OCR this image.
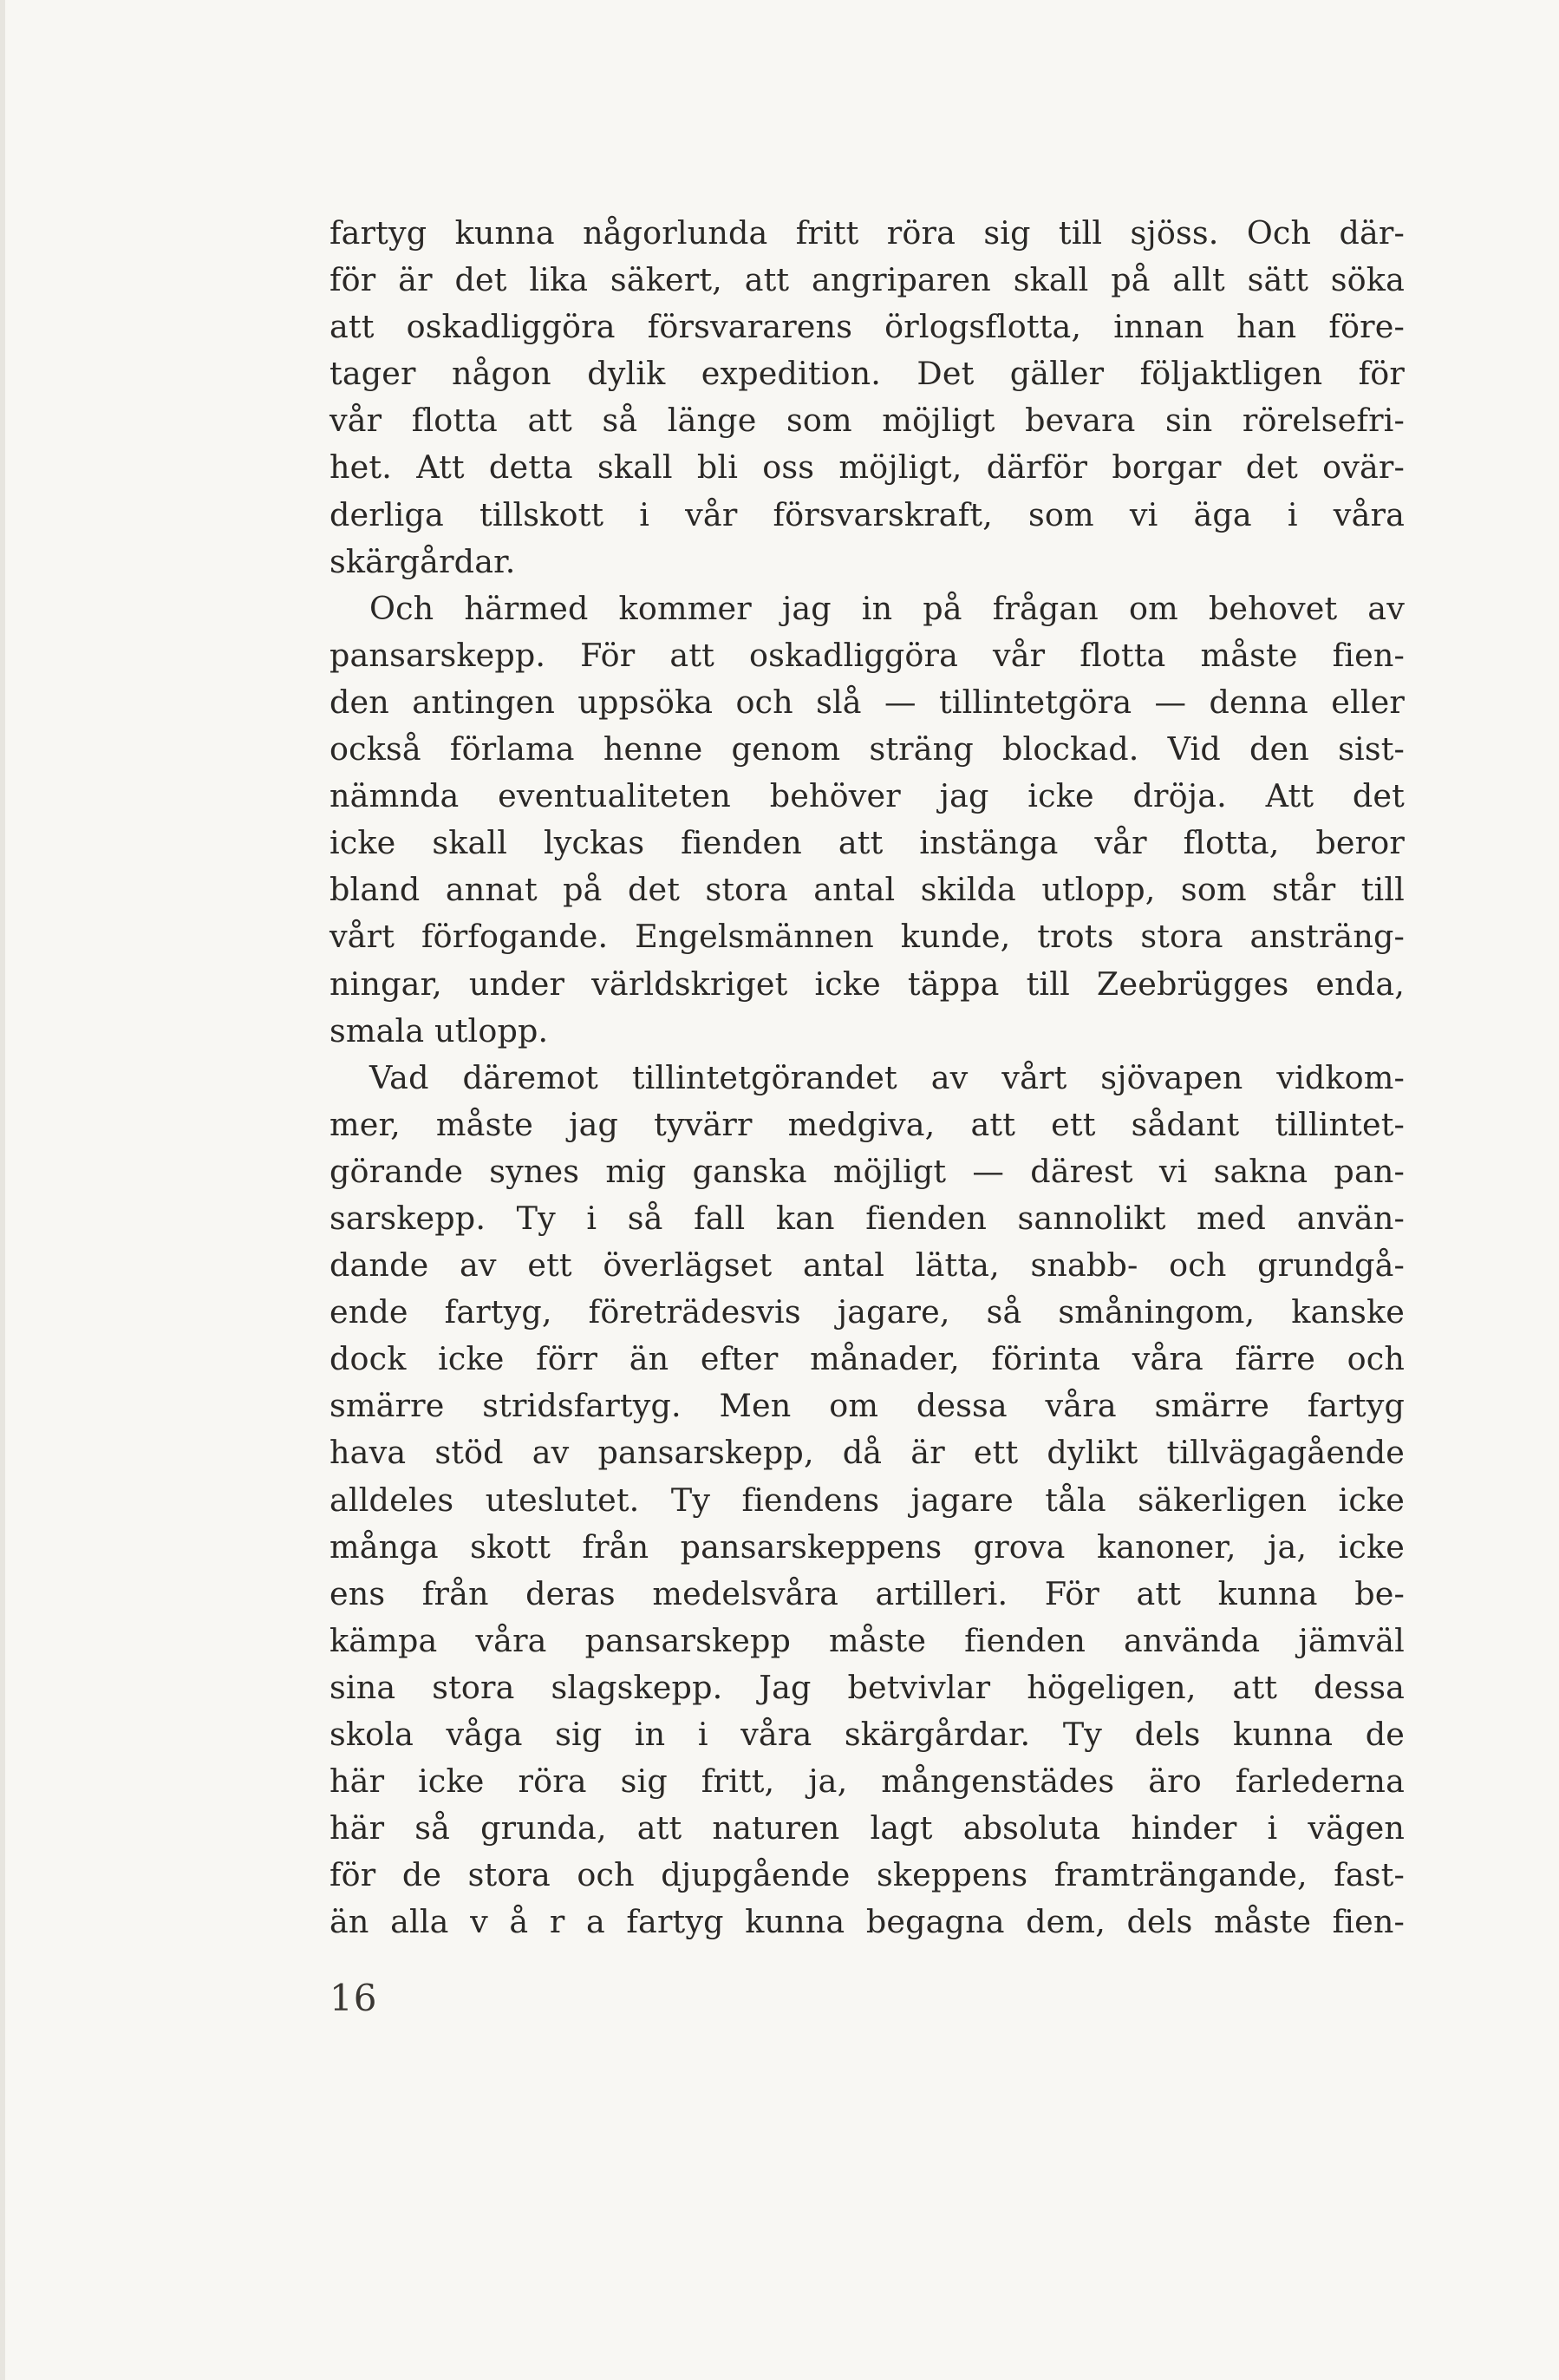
fartyg kunna någorlunda fritt röra sig till sjöss. Och där-
för är det lika säkert, att angriparen skall på allt sätt söka
att oskadliggöra försvararens örlogsflotta, innan han före-
tager någon dylik expedition. Det gäller följaktligen för
vår flotta att så länge som möjligt bevara sin rörelsefri-
het. Att detta skall bli oss möjligt, därför borgar det ovär-
derliga tillskott i vår försvarskraft, som vi äga i våra
skärgårdar.
Och härmed kommer jag in på frågan om behovet av
pansarskepp. För att oskadliggöra vår flotta måste fien-
den antingen uppsöka och slå — tillintetgöra — denna eller
också förlama henne genom sträng blockad. Vid den sist-
nämnda eventualiteten behöver jag icke dröja. Att det
icke skall lyckas fienden att instänga vår flotta, beror
bland annat på det stora antal skilda utlopp, som står till
vårt förfogande. Engelsmännen kunde, trots stora ansträng-
ningar, under världskriget icke täppa till Zeebrügges enda,
smala utlopp.
Vad däremot tillintetgörandet av vårt sjövapen vidkom-
mer, måste jag tyvärr medgiva, att ett sådant tillintet-
görande synes mig ganska möjligt — därest vi sakna pan-
sarskepp. Ty i så fall kan fienden sannolikt med använ-
dande av ett överlägset antal lätta, snabb- och grundgå-
ende fartyg, företrädesvis jagare, så småningom, kanske
dock icke förr än efter månader, förinta våra färre och
smärre stridsfartyg. Men om dessa våra smärre fartyg
hava stöd av pansarskepp, då är ett dylikt tillvägagående
alldeles uteslutet. Ty fiendens jagare tåla säkerligen icke
många skott från pansarskeppens grova kanoner, ja, icke
ens från deras medelsvåra artilleri. För att kunna be-
kämpa våra pansarskepp måste fienden använda jämväl
sina stora slagskepp. Jag betvivlar högeligen, att dessa
skola våga sig in i våra skärgårdar. Ty dels kunna de
här icke röra sig fritt, ja, mångenstädes äro farlederna
här så grunda, att naturen lagt absoluta hinder i vägen
för de stora och djupgående skeppens framträngande, fast-
än alla v å r a fartyg kunna begagna dem, dels måste fien-
16
